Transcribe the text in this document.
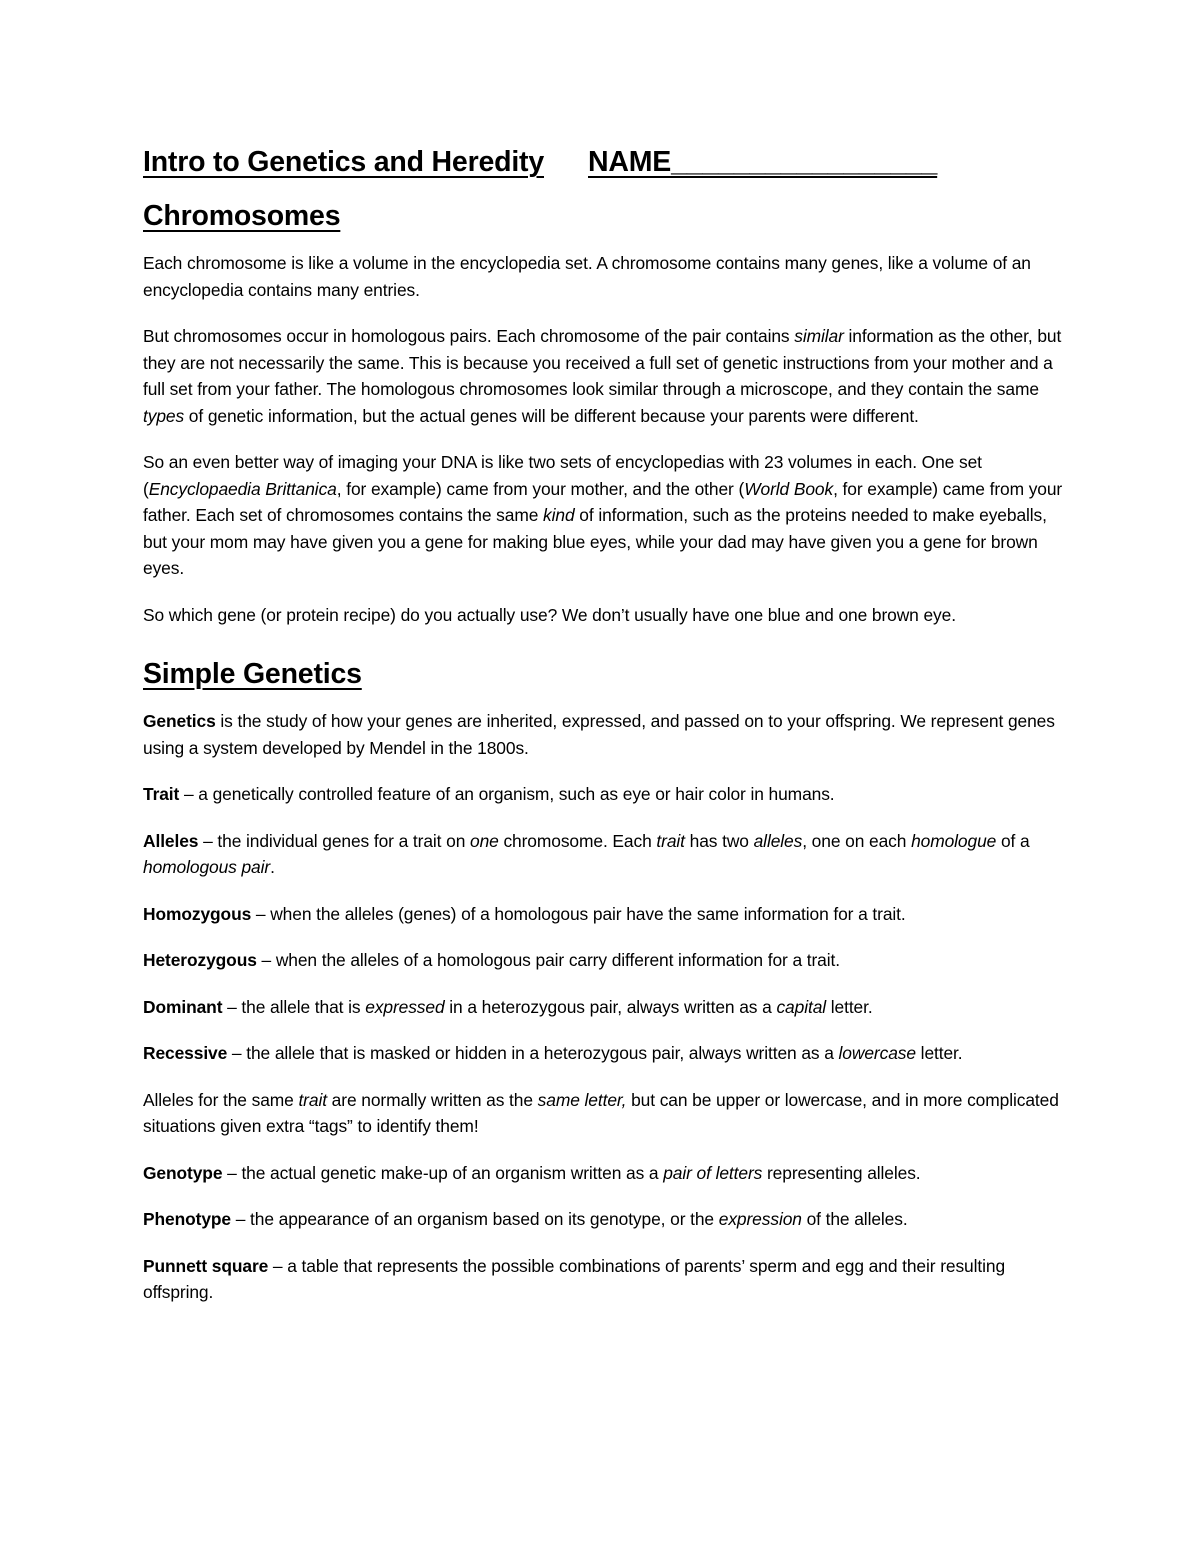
Intro to Genetics and Heredity NAME_________________
Chromosomes

Each chromosome is like a volume in the encyclopedia set. A chromosome contains many genes, like a volume of an encyclopedia contains many entries.

But chromosomes occur in homologous pairs. Each chromosome of the pair contains similar information as the other, but they are not necessarily the same. This is because you received a full set of genetic instructions from your mother and a full set from your father. The homologous chromosomes look similar through a microscope, and they contain the same types of genetic information, but the actual genes will be different because your parents were different.

So an even better way of imaging your DNA is like two sets of encyclopedias with 23 volumes in each. One set (Encyclopaedia Brittanica, for example) came from your mother, and the other (World Book, for example) came from your father. Each set of chromosomes contains the same kind of information, such as the proteins needed to make eyeballs, but your mom may have given you a gene for making blue eyes, while your dad may have given you a gene for brown eyes.

So which gene (or protein recipe) do you actually use? We don’t usually have one blue and one brown eye.

Simple Genetics

Genetics is the study of how your genes are inherited, expressed, and passed on to your offspring. We represent genes using a system developed by Mendel in the 1800s.

Trait – a genetically controlled feature of an organism, such as eye or hair color in humans.

Alleles – the individual genes for a trait on one chromosome. Each trait has two alleles, one on each homologue of a homologous pair.

Homozygous – when the alleles (genes) of a homologous pair have the same information for a trait.

Heterozygous – when the alleles of a homologous pair carry different information for a trait.

Dominant – the allele that is expressed in a heterozygous pair, always written as a capital letter.

Recessive – the allele that is masked or hidden in a heterozygous pair, always written as a lowercase letter.

Alleles for the same trait are normally written as the same letter, but can be upper or lowercase, and in more complicated situations given extra “tags” to identify them!

Genotype – the actual genetic make-up of an organism written as a pair of letters representing alleles.

Phenotype – the appearance of an organism based on its genotype, or the expression of the alleles.

Punnett square – a table that represents the possible combinations of parents’ sperm and egg and their resulting offspring.
